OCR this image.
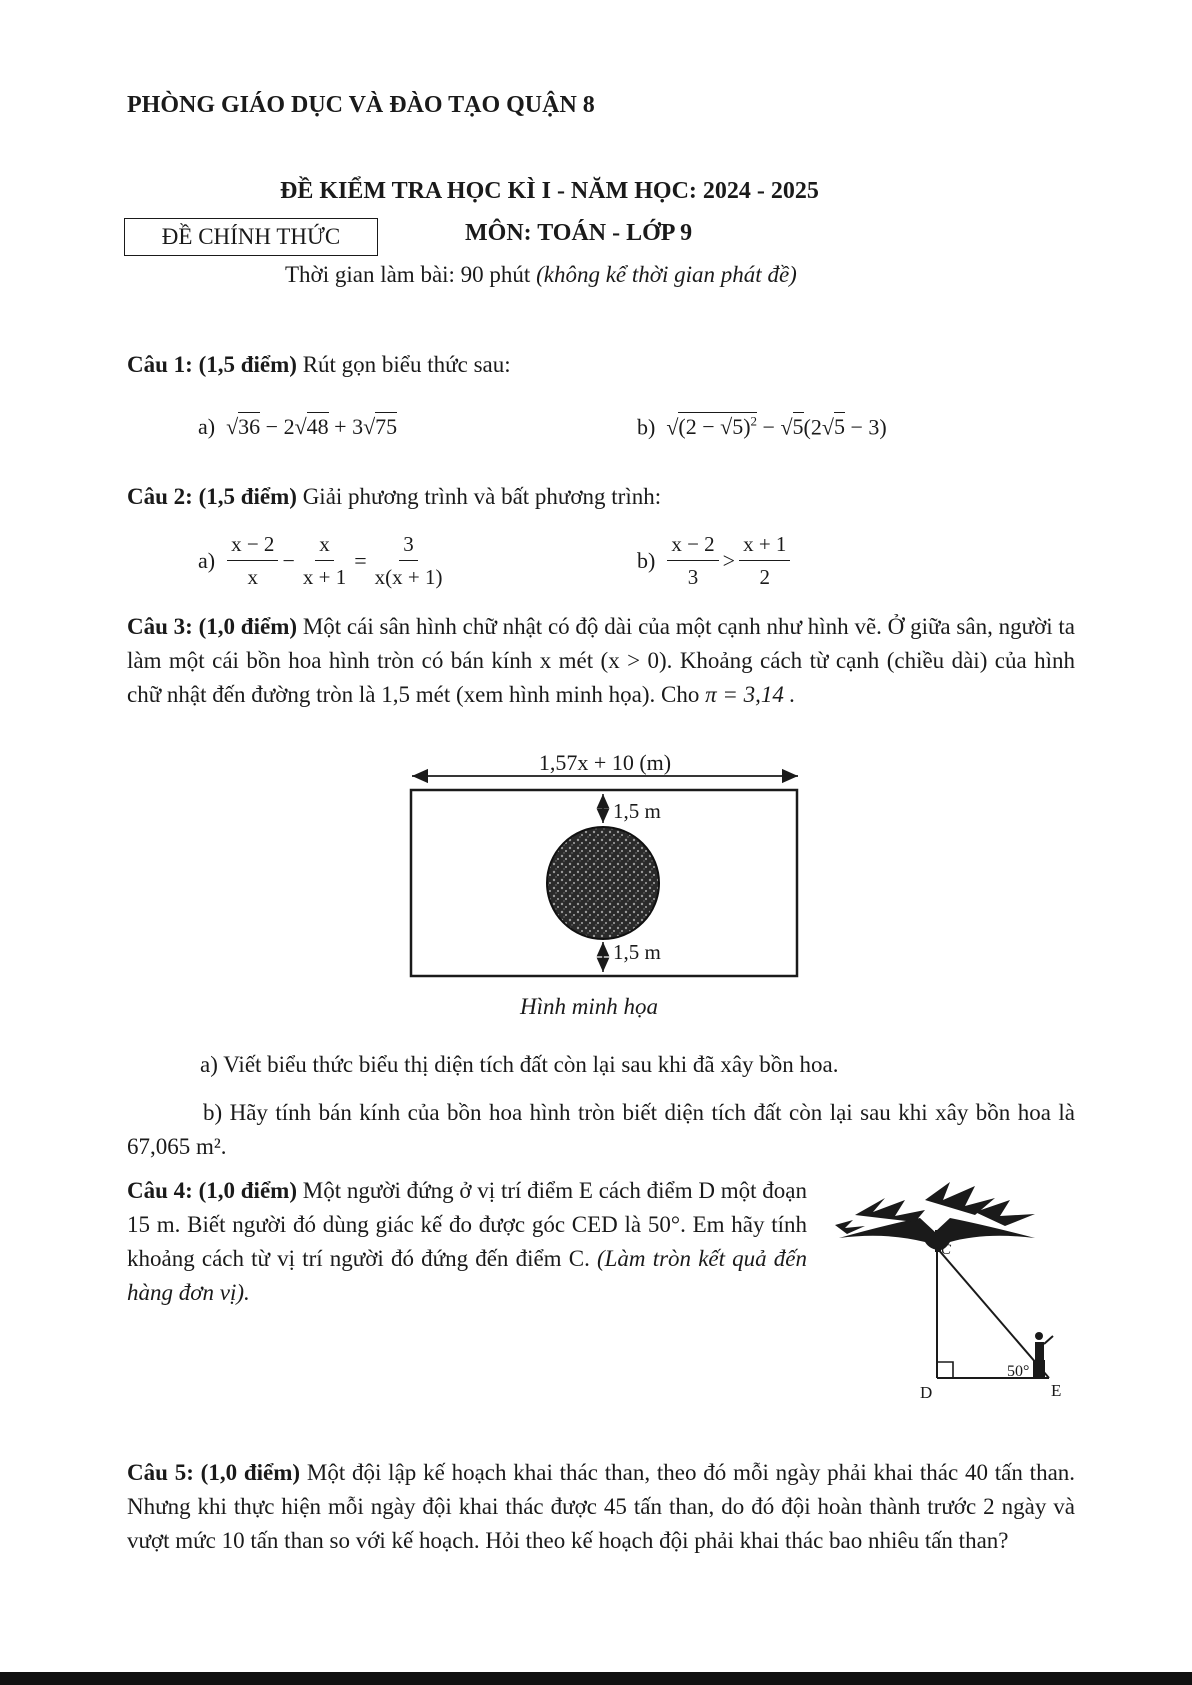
PHÒNG GIÁO DỤC VÀ ĐÀO TẠO QUẬN 8
ĐỀ KIỂM TRA HỌC KÌ I - NĂM HỌC: 2024 - 2025
ĐỀ CHÍNH THỨC	MÔN: TOÁN - LỚP 9
Thời gian làm bài: 90 phút (không kể thời gian phát đề)
Câu 1: (1,5 điểm) Rút gọn biểu thức sau:
a)  √36 − 2√48 + 3√75	b)  $√(2 - √5)^2 - √5(2√5 - 3)$
Câu 2: (1,5 điểm) Giải phương trình và bất phương trình:
$a) \frac{x - 2}{x} - \frac{x}{x + 1} = \frac{3}{x(x + 1)}$	$b) \frac{x - 2}{3} > \frac{x + 1}{2}$
Câu 3: (1,0 điểm) Một cái sân hình chữ nhật có độ dài của một cạnh như hình vẽ. Ở giữa sân, người ta làm một cái bồn hoa hình tròn có bán kính x mét (x > 0). Khoảng cách từ cạnh (chiều dài) của hình chữ nhật đến đường tròn là 1,5 mét (xem hình minh họa). Cho π = 3,14 .
1,57x + 10 (m)
1,5 m
1,5 m
Hình minh họa
a) Viết biểu thức biểu thị diện tích đất còn lại sau khi đã xây bồn hoa.
b) Hãy tính bán kính của bồn hoa hình tròn biết diện tích đất còn lại sau khi xây bồn hoa là 67,065 m².
Câu 4: (1,0 điểm) Một người đứng ở vị trí điểm E cách điểm D một đoạn 15 m. Biết người đó dùng giác kế đo được góc CED là 50°. Em hãy tính khoảng cách từ vị trí người đó đứng đến điểm C. (Làm tròn kết quả đến hàng đơn vị).
C
D	E
50°
Câu 5: (1,0 điểm) Một đội lập kế hoạch khai thác than, theo đó mỗi ngày phải khai thác 40 tấn than. Nhưng khi thực hiện mỗi ngày đội khai thác được 45 tấn than, do đó đội hoàn thành trước 2 ngày và vượt mức 10 tấn than so với kế hoạch. Hỏi theo kế hoạch đội phải khai thác bao nhiêu tấn than?
